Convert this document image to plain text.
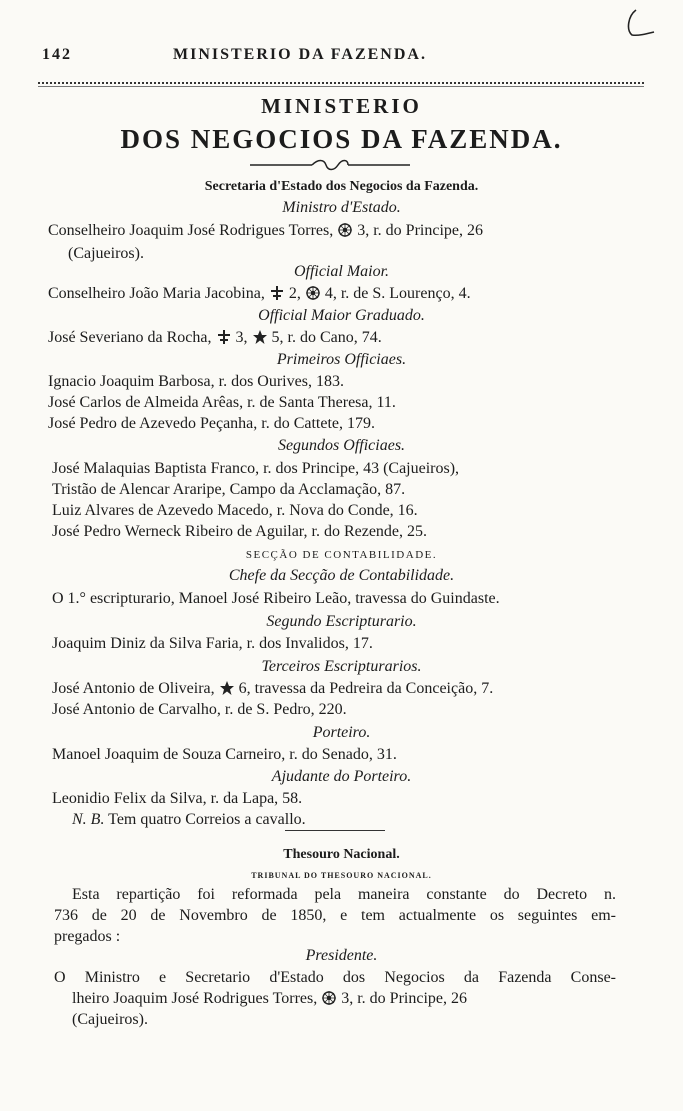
142	MINISTERIO DA FAZENDA.
MINISTERIO
DOS NEGOCIOS DA FAZENDA.
Secretaria d'Estado dos Negocios da Fazenda.
Ministro d'Estado.
Conselheiro Joaquim José Rodrigues Torres, 3, r. do Principe, 26
(Cajueiros).
Official Maior.
Conselheiro João Maria Jacobina, 2, 4, r. de S. Lourenço, 4.
Official Maior Graduado.
José Severiano da Rocha, 3, 5, r. do Cano, 74.
Primeiros Officiaes.
Ignacio Joaquim Barbosa, r. dos Ourives, 183.
José Carlos de Almeida Arêas, r. de Santa Theresa, 11.
José Pedro de Azevedo Peçanha, r. do Cattete, 179.
Segundos Officiaes.
José Malaquias Baptista Franco, r. dos Principe, 43 (Cajueiros),
Tristão de Alencar Araripe, Campo da Acclamação, 87.
Luiz Alvares de Azevedo Macedo, r. Nova do Conde, 16.
José Pedro Werneck Ribeiro de Aguilar, r. do Rezende, 25.
SECÇÃO DE CONTABILIDADE.
Chefe da Secção de Contabilidade.
O 1.° escripturario, Manoel José Ribeiro Leão, travessa do Guindaste.
Segundo Escripturario.
Joaquim Diniz da Silva Faria, r. dos Invalidos, 17.
Terceiros Escripturarios.
José Antonio de Oliveira, 6, travessa da Pedreira da Conceição, 7.
José Antonio de Carvalho, r. de S. Pedro, 220.
Porteiro.
Manoel Joaquim de Souza Carneiro, r. do Senado, 31.
Ajudante do Porteiro.
Leonidio Felix da Silva, r. da Lapa, 58.
N. B. Tem quatro Correios a cavallo.
Thesouro Nacional.
TRIBUNAL DO THESOURO NACIONAL.
Esta repartição foi reformada pela maneira constante do Decreto n.
736 de 20 de Novembro de 1850, e tem actualmente os seguintes em-
pregados :
Presidente.
O Ministro e Secretario d'Estado dos Negocios da Fazenda Conse-
lheiro Joaquim José Rodrigues Torres, 3, r. do Principe, 26
(Cajueiros).
